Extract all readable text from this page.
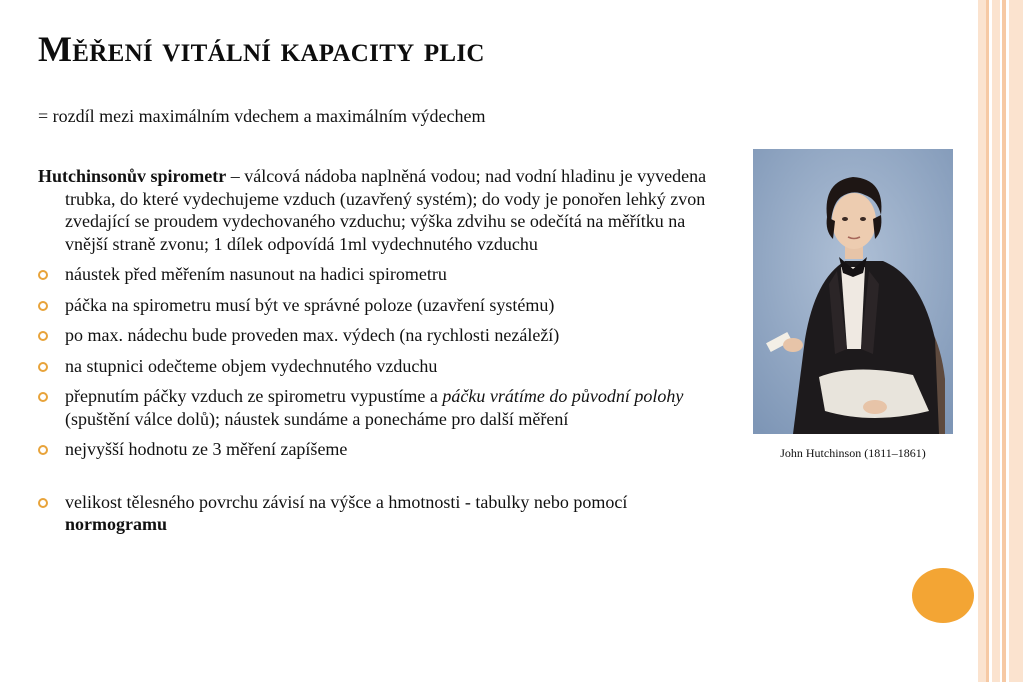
Měření vitální kapacity plic
= rozdíl mezi maximálním vdechem a maximálním výdechem

Hutchinsonův spirometr – válcová nádoba naplněná vodou; nad vodní hladinu je vyvedena trubka, do které vydechujeme vzduch (uzavřený systém); do vody je ponořen lehký zvon zvedající se proudem vydechovaného vzduchu; výška zdvihu se odečítá na měřítku na vnější straně zvonu; 1 dílek odpovídá 1ml vydechnutého vzduchu

náustek před měřením nasunout na hadici spirometru
páčka na spirometru musí být ve správné poloze (uzavření systému)
po max. nádechu bude proveden max. výdech (na rychlosti nezáleží)
na stupnici odečteme objem vydechnutého vzduchu
přepnutím páčky vzduch ze spirometru vypustíme a páčku vrátíme do původní polohy (spuštění válce dolů); náustek sundáme a ponecháme pro další měření
nejvyšší hodnotu ze 3 měření zapíšeme
velikost tělesného povrchu závisí na výšce a hmotnosti - tabulky nebo pomocí normogramu
John Hutchinson (1811–1861)
